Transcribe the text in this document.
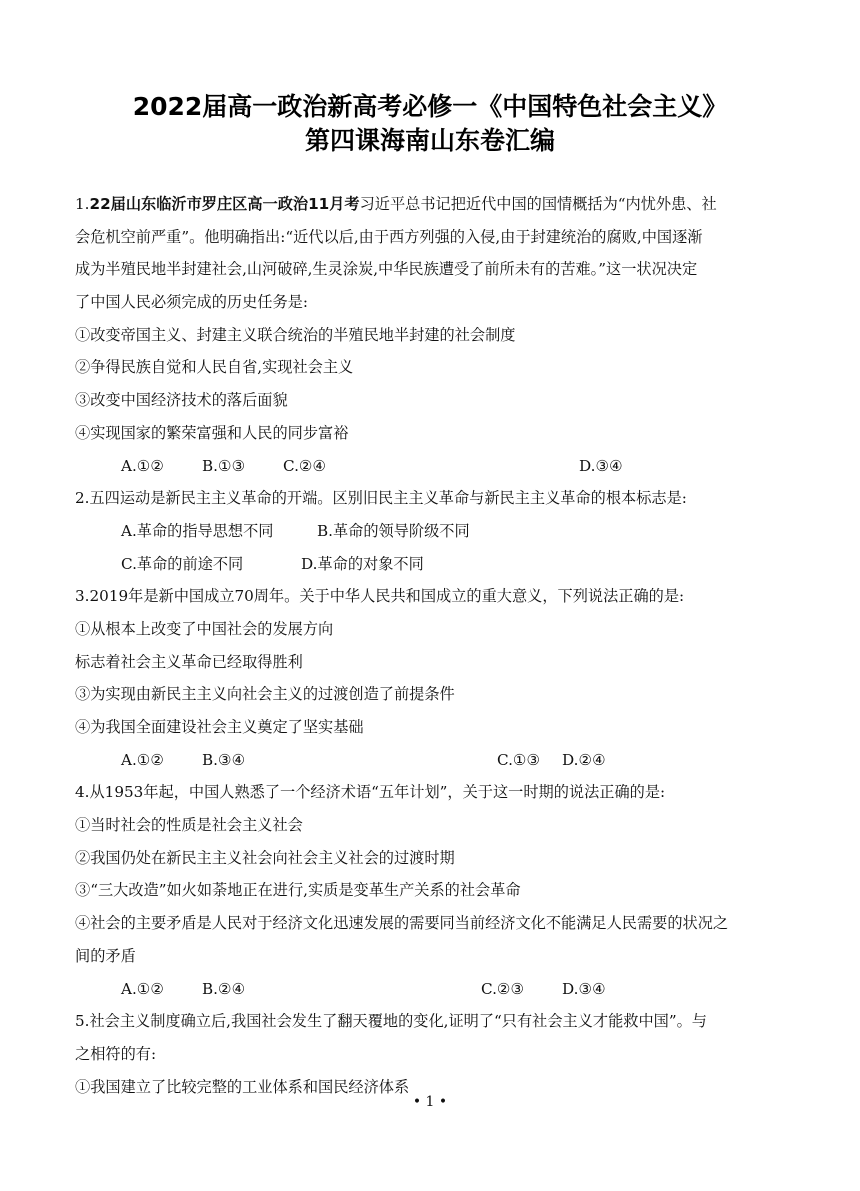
2022届高一政治新高考必修一《中国特色社会主义》
第四课海南山东卷汇编
1.22届山东临沂市罗庄区高一政治11月考习近平总书记把近代中国的国情概括为“内忧外患、社
会危机空前严重”。他明确指出:“近代以后,由于西方列强的入侵,由于封建统治的腐败,中国逐渐
成为半殖民地半封建社会,山河破碎,生灵涂炭,中华民族遭受了前所未有的苦难。”这一状况决定
了中国人民必须完成的历史任务是:
①改变帝国主义、封建主义联合统治的半殖民地半封建的社会制度
②争得民族自觉和人民自省,实现社会主义
③改变中国经济技术的落后面貌
④实现国家的繁荣富强和人民的同步富裕
A.①② B.①③ C.②④	D.③④
2.五四运动是新民主主义革命的开端。区别旧民主主义革命与新民主主义革命的根本标志是:
A.革命的指导思想不同	B.革命的领导阶级不同
C.革命的前途不同	D.革命的对象不同
3.2019年是新中国成立70周年。关于中华人民共和国成立的重大意义，下列说法正确的是:
①从根本上改变了中国社会的发展方向
标志着社会主义革命已经取得胜利
③为实现由新民主主义向社会主义的过渡创造了前提条件
④为我国全面建设社会主义奠定了坚实基础
A.①② B.③④	C.①③ D.②④
4.从1953年起，中国人熟悉了一个经济术语“五年计划”，关于这一时期的说法正确的是:
①当时社会的性质是社会主义社会
②我国仍处在新民主主义社会向社会主义社会的过渡时期
③“三大改造”如火如荼地正在进行,实质是变革生产关系的社会革命
④社会的主要矛盾是人民对于经济文化迅速发展的需要同当前经济文化不能满足人民需要的状况之
间的矛盾
A.①② B.②④	C.②③ D.③④
5.社会主义制度确立后,我国社会发生了翻天覆地的变化,证明了“只有社会主义才能救中国”。与
之相符的有:
①我国建立了比较完整的工业体系和国民经济体系
• 1 •
